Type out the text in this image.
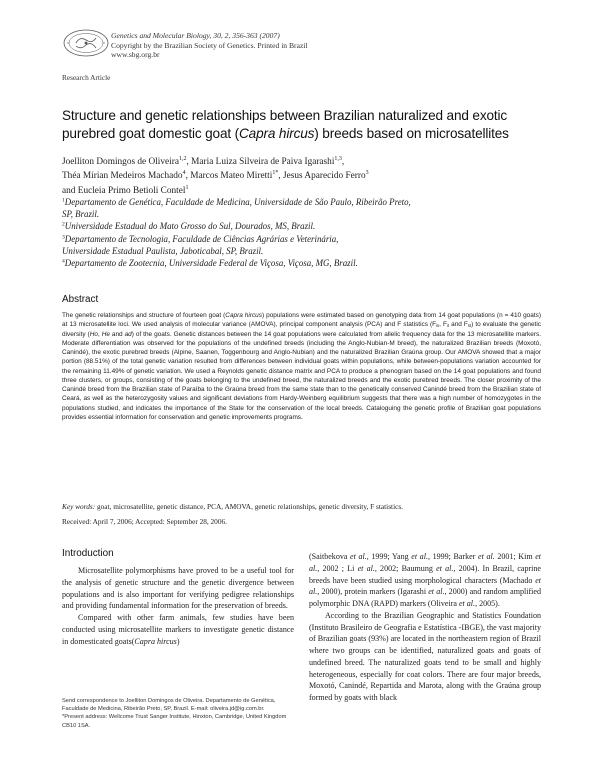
Genetics and Molecular Biology, 30, 2, 356-363 (2007)
Copyright by the Brazilian Society of Genetics. Printed in Brazil
www.sbg.org.br
Research Article
Structure and genetic relationships between Brazilian naturalized and exotic
purebred goat domestic goat (Capra hircus) breeds based on microsatellites
Joelliton Domingos de Oliveira$^{1,2}$, Maria Luiza Silveira de Paiva Igarashi$^{1,3}$,
Théa Mírian Medeiros Machado$^4$, Marcos Mateo Miretti$^{1*}$, Jesus Aparecido Ferro$^3$
and Eucleia Primo Betioli Contel$^1$
$^1$Departamento de Genética, Faculdade de Medicina, Universidade de São Paulo, Ribeirão Preto,
SP, Brazil.
$^2$Universidade Estadual do Mato Grosso do Sul, Dourados, MS, Brazil.
$^3$Departamento de Tecnologia, Faculdade de Ciências Agrárias e Veterinária,
Universidade Estadual Paulista, Jaboticabal, SP, Brazil.
$^4$Departamento de Zootecnia, Universidade Federal de Viçosa, Viçosa, MG, Brazil.
Abstract
The genetic relationships and structure of fourteen goat (Capra hircus) populations were estimated based on genotyping data from 14 goat populations (n = 410 goats) at 13 microsatellite loci. We used analysis of molecular variance (AMOVA), principal component analysis (PCA) and F statistics ($F_{is}$, $F_{it}$ and $F_{st}$) to evaluate the genetic diversity (Ho, He and ad) of the goats. Genetic distances between the 14 goat populations were calculated from allelic frequency data for the 13 microsatellite markers. Moderate differentiation was observed for the populations of the undefined breeds (including the Anglo-Nubian-M breed), the naturalized Brazilian breeds (Moxotó, Canindé), the exotic purebred breeds (Alpine, Saanen, Toggenbourg and Anglo-Nubian) and the naturalized Brazilian Graúna group. Our AMOVA showed that a major portion (88.51%) of the total genetic variation resulted from differences between individual goats within populations, while between-populations variation accounted for the remaining 11.49% of genetic variation. We used a Reynolds genetic distance matrix and PCA to produce a phenogram based on the 14 goat populations and found three clusters, or groups, consisting of the goats belonging to the undefined breed, the naturalized breeds and the exotic purebred breeds. The closer proximity of the Canindé breed from the Brazilian state of Paraíba to the Graúna breed from the same state than to the genetically conserved Canindé breed from the Brazilian state of Ceará, as well as the heterozygosity values and significant deviations from Hardy-Weinberg equilibrium suggests that there was a high number of homozygotes in the populations studied, and indicates the importance of the State for the conservation of the local breeds. Cataloguing the genetic profile of Brazilian goat populations provides essential information for conservation and genetic improvements programs.
Key words: goat, microsatellite, genetic distance, PCA, AMOVA, genetic relationships, genetic diversity, F statistics.
Received: April 7, 2006; Accepted: September 28, 2006.
Introduction

Microsatellite polymorphisms have proved to be a useful tool for the analysis of genetic structure and the genetic divergence between populations and is also important for verifying pedigree relationships and providing fundamental information for the preservation of breeds.

Compared with other farm animals, few studies have been conducted using microsatellite markers to investigate genetic distance in domesticated goats(Capra hircus)

Send correspondence to Joelliton Domingos de Oliveira. Departamento de Genética, Faculdade de Medicina, Ribeirão Preto, SP, Brazil. E-mail: oliveira.jd@ig.com.br.

*Present address: Wellcome Trust Sanger Institute, Hinxton, Cambridge, United Kingdom CB10 1SA.

(Saitbekova et al., 1999; Yang et al., 1999; Barker et al. 2001; Kim et al., 2002 ; Li et al., 2002; Baumung et al., 2004). In Brazil, caprine breeds have been studied using morphological characters (Machado et al., 2000), protein markers (Igarashi et al., 2000) and random amplified polymorphic DNA (RAPD) markers (Oliveira et al., 2005).

According to the Brazilian Geographic and Statistics Foundation (Instituto Brasileiro de Geografia e Estatística -IBGE), the vast majority of Brazilian goats (93%) are located in the northeastern region of Brazil where two groups can be identified, naturalized goats and goats of undefined breed. The naturalized goats tend to be small and highly heterogeneous, especially for coat colors. There are four major breeds, Moxotó, Canindé, Repartida and Marota, along with the Graúna group formed by goats with black
